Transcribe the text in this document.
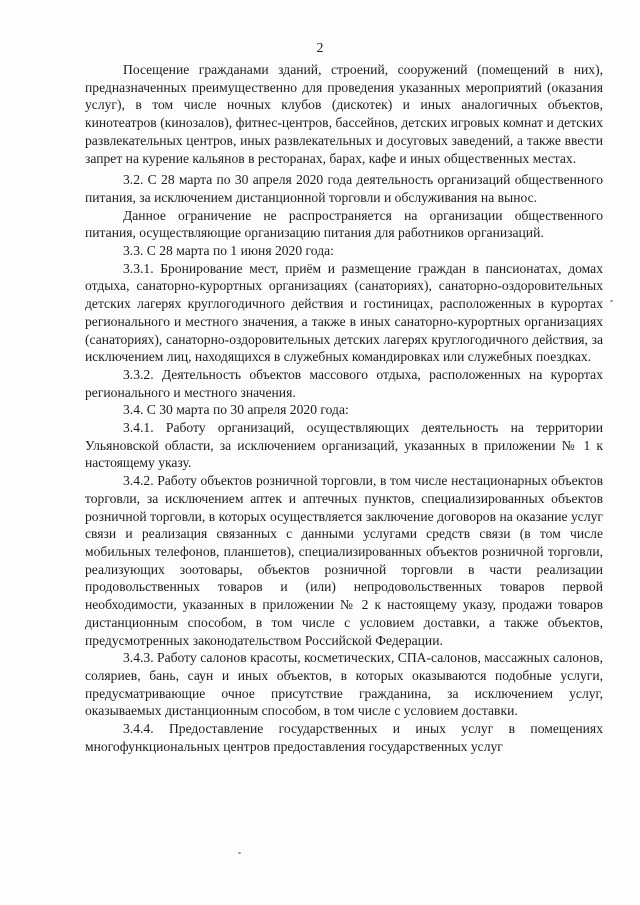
2

Посещение гражданами зданий, строений, сооружений (помещений в них), предназначенных преимущественно для проведения указанных мероприятий (оказания услуг), в том числе ночных клубов (дискотек) и иных аналогичных объектов, кинотеатров (кинозалов), фитнес-центров, бассейнов, детских игровых комнат и детских развлекательных центров, иных развлекательных и досуговых заведений, а также ввести запрет на курение кальянов в ресторанах, барах, кафе и иных общественных местах.

3.2. С 28 марта по 30 апреля 2020 года деятельность организаций общественного питания, за исключением дистанционной торговли и обслуживания на вынос.

Данное ограничение не распространяется на организации общественного питания, осуществляющие организацию питания для работников организаций.

3.3. С 28 марта по 1 июня 2020 года:

3.3.1. Бронирование мест, приём и размещение граждан в пансионатах, домах отдыха, санаторно-курортных организациях (санаториях), санаторно-оздоровительных детских лагерях круглогодичного действия и гостиницах, расположенных в курортах регионального и местного значения, а также в иных санаторно-курортных организациях (санаториях), санаторно-оздоровительных детских лагерях круглогодичного действия, за исключением лиц, находящихся в служебных командировках или служебных поездках.

3.3.2. Деятельность объектов массового отдыха, расположенных на курортах регионального и местного значения.

3.4. С 30 марта по 30 апреля 2020 года:

3.4.1. Работу организаций, осуществляющих деятельность на территории Ульяновской области, за исключением организаций, указанных в приложении № 1 к настоящему указу.

3.4.2. Работу объектов розничной торговли, в том числе нестационарных объектов торговли, за исключением аптек и аптечных пунктов, специализированных объектов розничной торговли, в которых осуществляется заключение договоров на оказание услуг связи и реализация связанных с данными услугами средств связи (в том числе мобильных телефонов, планшетов), специализированных объектов розничной торговли, реализующих зоотовары, объектов розничной торговли в части реализации продовольственных товаров и (или) непродовольственных товаров первой необходимости, указанных в приложении № 2 к настоящему указу, продажи товаров дистанционным способом, в том числе с условием доставки, а также объектов, предусмотренных законодательством Российской Федерации.

3.4.3. Работу салонов красоты, косметических, СПА-салонов, массажных салонов, соляриев, бань, саун и иных объектов, в которых оказываются подобные услуги, предусматривающие очное присутствие гражданина, за исключением услуг, оказываемых дистанционным способом, в том числе с условием доставки.

3.4.4. Предоставление государственных и иных услуг в помещениях многофункциональных центров предоставления государственных услуг
